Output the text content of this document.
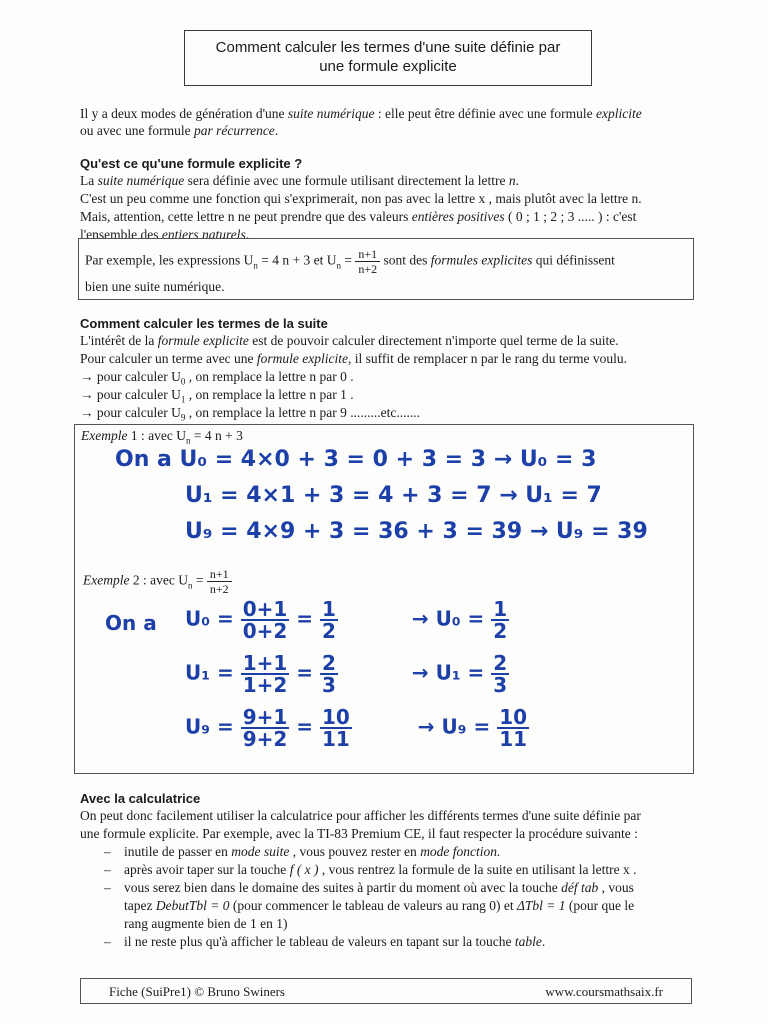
Comment calculer les termes d'une suite définie par
une formule explicite
Il y a deux modes de génération d'une suite numérique : elle peut être définie avec une formule explicite
ou avec une formule par récurrence.
Qu'est ce qu'une formule explicite ?
La suite numérique sera définie avec une formule utilisant directement la lettre n.
C'est un peu comme une fonction qui s'exprimerait, non pas avec la lettre x , mais plutôt avec la lettre n.
Mais, attention, cette lettre n ne peut prendre que des valeurs entières positives ( 0 ; 1 ; 2 ; 3 ..... ) : c'est
l'ensemble des entiers naturels.
Par exemple, les expressions $U_n = 4$ n + 3 et $U_n = \frac{n+1}{n+2}$ sont des formules explicites qui définissent
bien une suite numérique.
Comment calculer les termes de la suite
L'intérêt de la formule explicite est de pouvoir calculer directement n'importe quel terme de la suite.
Pour calculer un terme avec une formule explicite, il suffit de remplacer n par le rang du terme voulu.
→ pour calculer $U_0$ , on remplace la lettre n par 0 .
→ pour calculer $U_1$ , on remplace la lettre n par 1 .
→ pour calculer $U_9$ , on remplace la lettre n par 9 .........etc.......
Exemple 1 : avec $U_n = 4$ n + 3
On a U₀ = 4×0 + 3 = 0 + 3 = 3 → U₀ = 3
U₁ = 4×1 + 3 = 4 + 3 = 7 → U₁ = 7
U₉ = 4×9 + 3 = 36 + 3 = 39 → U₉ = 39
Exemple 2 : avec $U_n = \frac{n+1}{n+2}$
On a $U_0 = \frac{0+1}{0+2} = \frac{1}{2}$	→ $U_0 = \frac{1}{2}$
$U_1 = \frac{1+1}{1+2} = \frac{2}{3}$	→ $U_1 = \frac{2}{3}$
$U_9 = \frac{9+1}{9+2} = \frac{10}{11}$	→ $U_9 = \frac{10}{11}$
Avec la calculatrice
On peut donc facilement utiliser la calculatrice pour afficher les différents termes d'une suite définie par
une formule explicite. Par exemple, avec la TI-83 Premium CE, il faut respecter la procédure suivante :
– inutile de passer en mode suite , vous pouvez rester en mode fonction.
– après avoir taper sur la touche f ( x ) , vous rentrez la formule de la suite en utilisant la lettre x .
– vous serez bien dans le domaine des suites à partir du moment où avec la touche déf tab , vous
tapez DebutTbl = 0 (pour commencer le tableau de valeurs au rang 0) et ΔTbl = 1 (pour que le
rang augmente bien de 1 en 1)
– il ne reste plus qu'à afficher le tableau de valeurs en tapant sur la touche table.
Fiche (SuiPre1) © Bruno Swiners	www.coursmathsaix.fr
